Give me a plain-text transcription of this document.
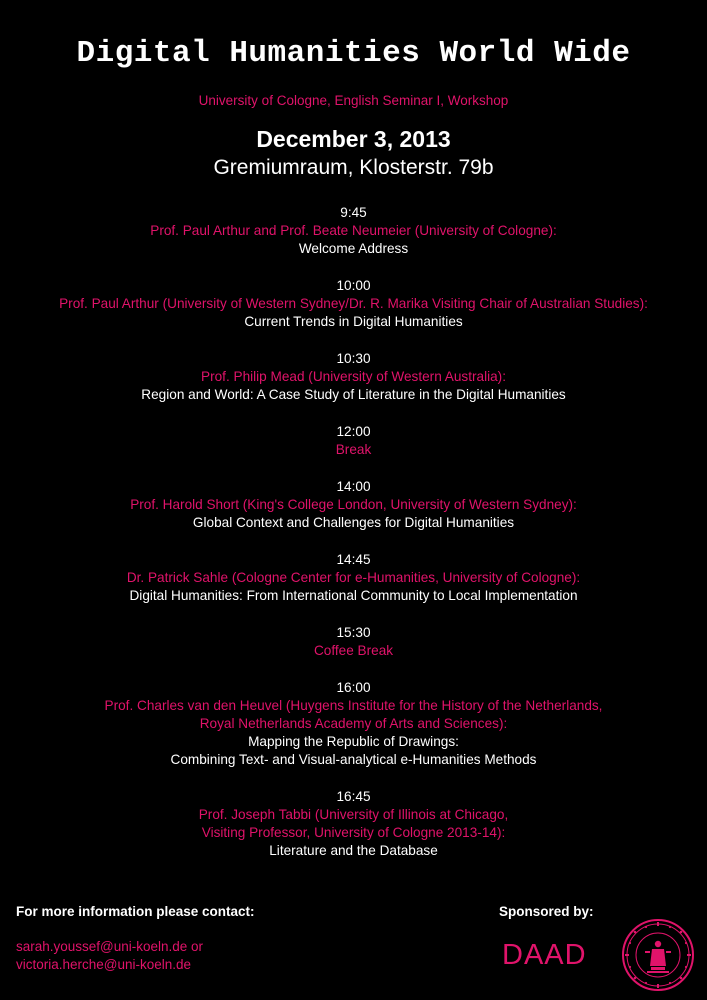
Digital Humanities World Wide
University of Cologne, English Seminar I, Workshop
December 3, 2013
Gremiumraum, Klosterstr. 79b
9:45
Prof. Paul Arthur and Prof. Beate Neumeier (University of Cologne):
Welcome Address
10:00
Prof. Paul Arthur (University of Western Sydney/Dr. R. Marika Visiting Chair of Australian Studies):
Current Trends in Digital Humanities
10:30
Prof. Philip Mead (University of Western Australia):
Region and World: A Case Study of Literature in the Digital Humanities
12:00
Break
14:00
Prof. Harold Short (King's College London, University of Western Sydney):
Global Context and Challenges for Digital Humanities
14:45
Dr. Patrick Sahle (Cologne Center for e-Humanities, University of Cologne):
Digital Humanities: From International Community to Local Implementation
15:30
Coffee Break
16:00
Prof. Charles van den Heuvel (Huygens Institute for the History of the Netherlands,
Royal Netherlands Academy of Arts and Sciences):
Mapping the Republic of Drawings:
Combining Text- and Visual-analytical e-Humanities Methods
16:45
Prof. Joseph Tabbi (University of Illinois at Chicago,
Visiting Professor, University of Cologne 2013-14):
Literature and the Database
For more information please contact:
sarah.youssef@uni-koeln.de or
victoria.herche@uni-koeln.de
Sponsored by:
DAAD
